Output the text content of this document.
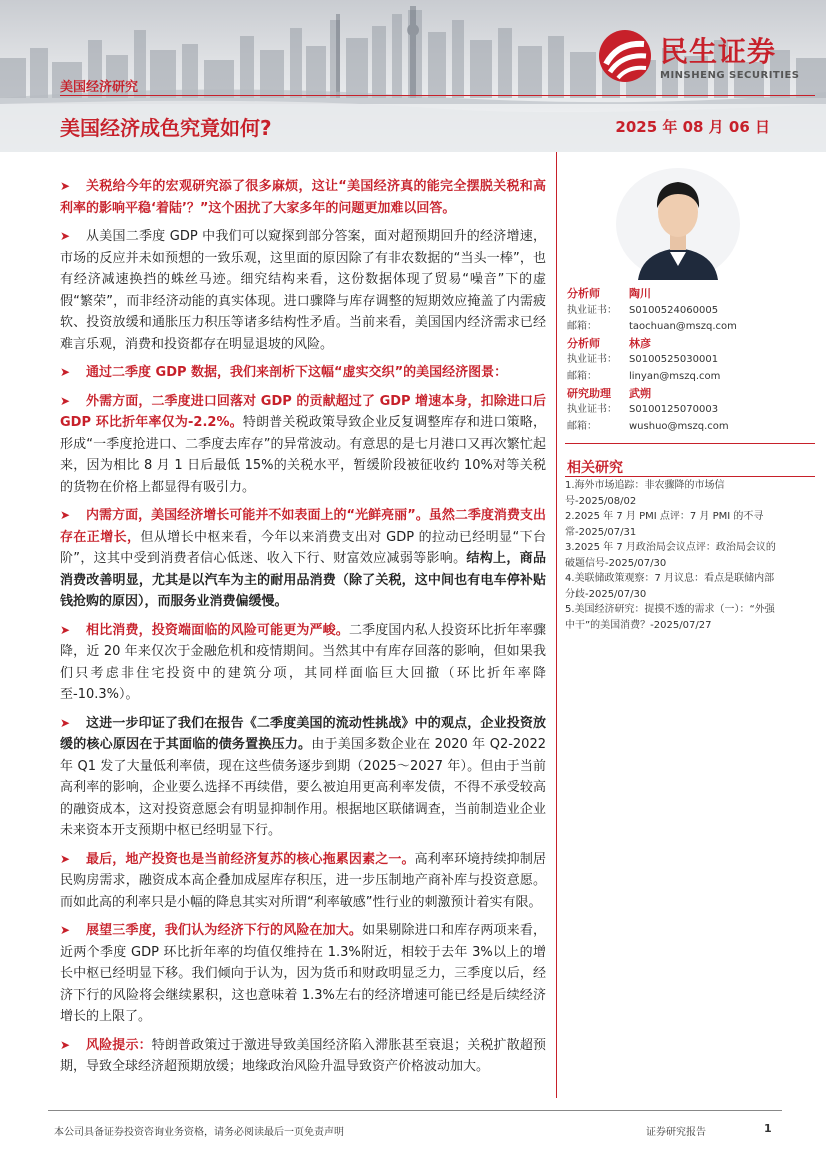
民生证券
MINSHENG SECURITIES
美国经济研究
美国经济成色究竟如何?	2025 年 08 月 06 日

➤ 关税给今年的宏观研究添了很多麻烦，这让“美国经济真的能完全摆脱关税和高利率的影响平稳‘着陆’？”这个困扰了大家多年的问题更加难以回答。

➤ 从美国二季度 GDP 中我们可以窥探到部分答案，面对超预期回升的经济增速，市场的反应并未如预想的一致乐观，这里面的原因除了有非农数据的“当头一棒”，也有经济减速换挡的蛛丝马迹。细究结构来看，这份数据体现了贸易“噪音”下的虚假“繁荣”，而非经济动能的真实体现。进口骤降与库存调整的短期效应掩盖了内需疲软、投资放缓和通胀压力积压等诸多结构性矛盾。当前来看，美国国内经济需求已经难言乐观，消费和投资都存在明显退坡的风险。

➤ 通过二季度 GDP 数据，我们来剖析下这幅“虚实交织”的美国经济图景：

➤ 外需方面，二季度进口回落对 GDP 的贡献超过了 GDP 增速本身，扣除进口后 GDP 环比折年率仅为-2.2%。特朗普关税政策导致企业反复调整库存和进口策略，形成“一季度抢进口、二季度去库存”的异常波动。有意思的是七月港口又再次繁忙起来，因为相比 8 月 1 日后最低 15%的关税水平，暂缓阶段被征收约 10%对等关税的货物在价格上都显得有吸引力。

➤ 内需方面，美国经济增长可能并不如表面上的“光鲜亮丽”。虽然二季度消费支出存在正增长，但从增长中枢来看，今年以来消费支出对 GDP 的拉动已经明显“下台阶”，这其中受到消费者信心低迷、收入下行、财富效应减弱等影响。结构上，商品消费改善明显，尤其是以汽车为主的耐用品消费（除了关税，这中间也有电车停补贴钱抢购的原因），而服务业消费偏缓慢。

➤ 相比消费，投资端面临的风险可能更为严峻。二季度国内私人投资环比折年率骤降，近 20 年来仅次于金融危机和疫情期间。当然其中有库存回落的影响，但如果我们只考虑非住宅投资中的建筑分项，其同样面临巨大回撤（环比折年率降至-10.3%）。

➤ 这进一步印证了我们在报告《二季度美国的流动性挑战》中的观点，企业投资放缓的核心原因在于其面临的债务置换压力。由于美国多数企业在 2020 年 Q2-2022 年 Q1 发了大量低利率债，现在这些债务逐步到期（2025～2027 年）。但由于当前高利率的影响，企业要么选择不再续借，要么被迫用更高利率发债，不得不承受较高的融资成本，这对投资意愿会有明显抑制作用。根据地区联储调查，当前制造业企业未来资本开支预期中枢已经明显下行。

➤ 最后，地产投资也是当前经济复苏的核心拖累因素之一。高利率环境持续抑制居民购房需求，融资成本高企叠加成屋库存积压，进一步压制地产商补库与投资意愿。而如此高的利率只是小幅的降息其实对所谓“利率敏感”性行业的刺激预计着实有限。

➤ 展望三季度，我们认为经济下行的风险在加大。如果剔除进口和库存两项来看，近两个季度 GDP 环比折年率的均值仅维持在 1.3%附近，相较于去年 3%以上的增长中枢已经明显下移。我们倾向于认为，因为货币和财政明显乏力，三季度以后，经济下行的风险将会继续累积，这也意味着 1.3%左右的经济增速可能已经是后续经济增长的上限了。

➤ 风险提示：特朗普政策过于激进导致美国经济陷入滞胀甚至衰退；关税扩散超预期，导致全球经济超预期放缓；地缘政治风险升温导致资产价格波动加大。

分析师	陶川
执业证书：	S0100524060005
邮箱：	taochuan@mszq.com
分析师	林彦
执业证书：	S0100525030001
邮箱：	linyan@mszq.com
研究助理	武朔
执业证书：	S0100125070003
邮箱：	wushuo@mszq.com
相关研究
1.海外市场追踪：非农骤降的市场信号-2025/08/02
2.2025 年 7 月 PMI 点评：7 月 PMI 的不寻常-2025/07/31
3.2025 年 7 月政治局会议点评：政治局会议的破题信号-2025/07/30
4.美联储政策观察：7 月议息：看点是联储内部分歧-2025/07/30
5.美国经济研究：捉摸不透的需求（一）：“外强中干”的美国消费？-2025/07/27
本公司具备证券投资咨询业务资格，请务必阅读最后一页免责声明	证券研究报告	1
